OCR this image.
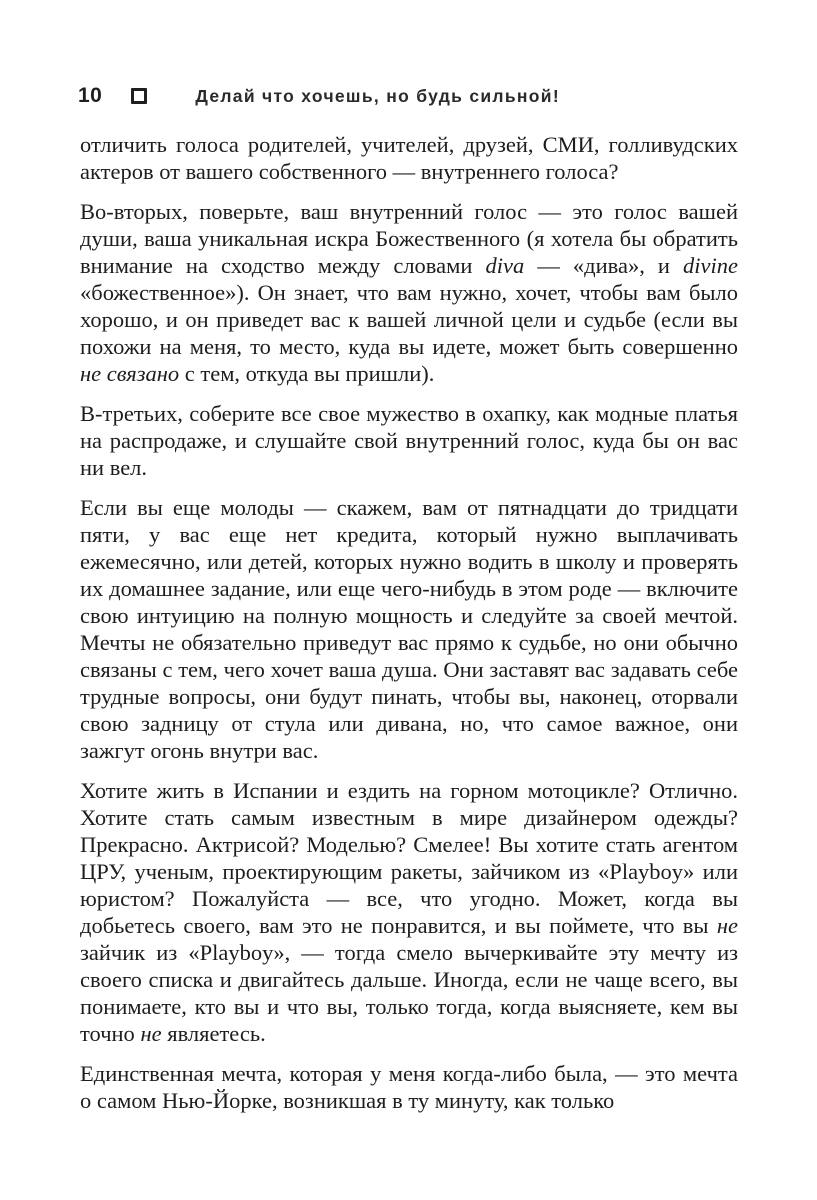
10	Делай что хочешь, но будь сильной!

отличить голоса родителей, учителей, друзей, СМИ, голливудских актеров от вашего собственного — внутреннего голоса?

Во-вторых, поверьте, ваш внутренний голос — это голос вашей души, ваша уникальная искра Божественного (я хотела бы обратить внимание на сходство между словами diva — «дива», и divine «божественное»). Он знает, что вам нужно, хочет, чтобы вам было хорошо, и он приведет вас к вашей личной цели и судьбе (если вы похожи на меня, то место, куда вы идете, может быть совершенно не связано с тем, откуда вы пришли).

В-третьих, соберите все свое мужество в охапку, как модные платья на распродаже, и слушайте свой внутренний голос, куда бы он вас ни вел.

Если вы еще молоды — скажем, вам от пятнадцати до тридцати пяти, у вас еще нет кредита, который нужно выплачивать ежемесячно, или детей, которых нужно водить в школу и проверять их домашнее задание, или еще чего-нибудь в этом роде — включите свою интуицию на полную мощность и следуйте за своей мечтой. Мечты не обязательно приведут вас прямо к судьбе, но они обычно связаны с тем, чего хочет ваша душа. Они заставят вас задавать себе трудные вопросы, они будут пинать, чтобы вы, наконец, оторвали свою задницу от стула или дивана, но, что самое важное, они зажгут огонь внутри вас.

Хотите жить в Испании и ездить на горном мотоцикле? Отлично. Хотите стать самым известным в мире дизайнером одежды? Прекрасно. Актрисой? Моделью? Смелее! Вы хотите стать агентом ЦРУ, ученым, проектирующим ракеты, зайчиком из «Playboy» или юристом? Пожалуйста — все, что угодно. Может, когда вы добьетесь своего, вам это не понравится, и вы поймете, что вы не зайчик из «Playboy», — тогда смело вычеркивайте эту мечту из своего списка и двигайтесь дальше. Иногда, если не чаще всего, вы понимаете, кто вы и что вы, только тогда, когда выясняете, кем вы точно не являетесь.

Единственная мечта, которая у меня когда-либо была, — это мечта о самом Нью-Йорке, возникшая в ту минуту, как только
